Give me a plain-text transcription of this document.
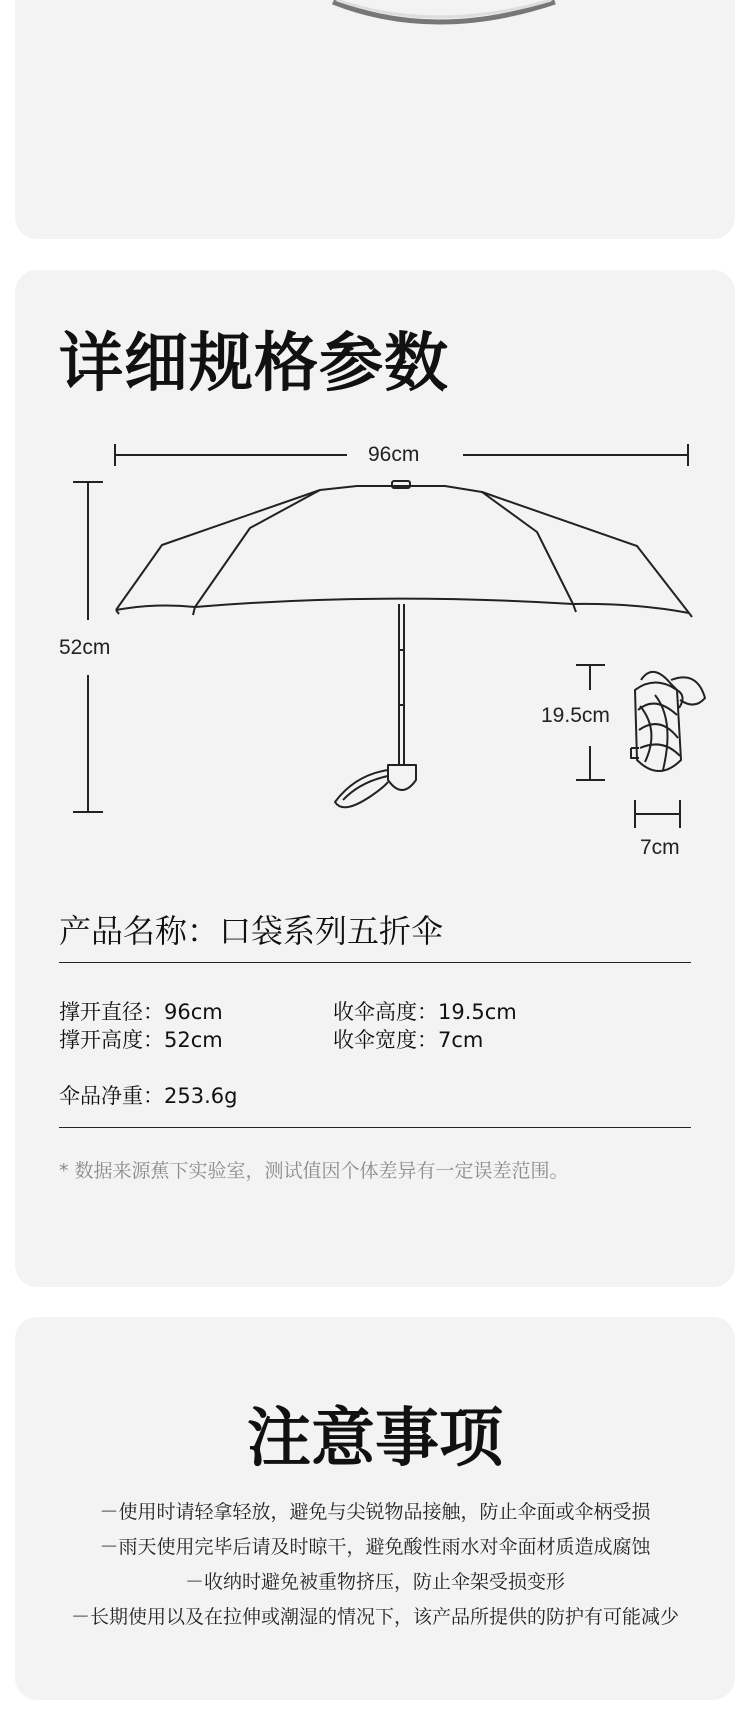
详细规格参数
96cm
52cm
19.5cm
7cm
产品名称：口袋系列五折伞
撑开直径：96cm	收伞高度：19.5cm
撑开高度：52cm	收伞宽度：7cm
伞品净重：253.6g
* 数据来源蕉下实验室，测试值因个体差异有一定误差范围。
注意事项
－使用时请轻拿轻放，避免与尖锐物品接触，防止伞面或伞柄受损
－雨天使用完毕后请及时晾干，避免酸性雨水对伞面材质造成腐蚀
－收纳时避免被重物挤压，防止伞架受损变形
－长期使用以及在拉伸或潮湿的情况下，该产品所提供的防护有可能减少
